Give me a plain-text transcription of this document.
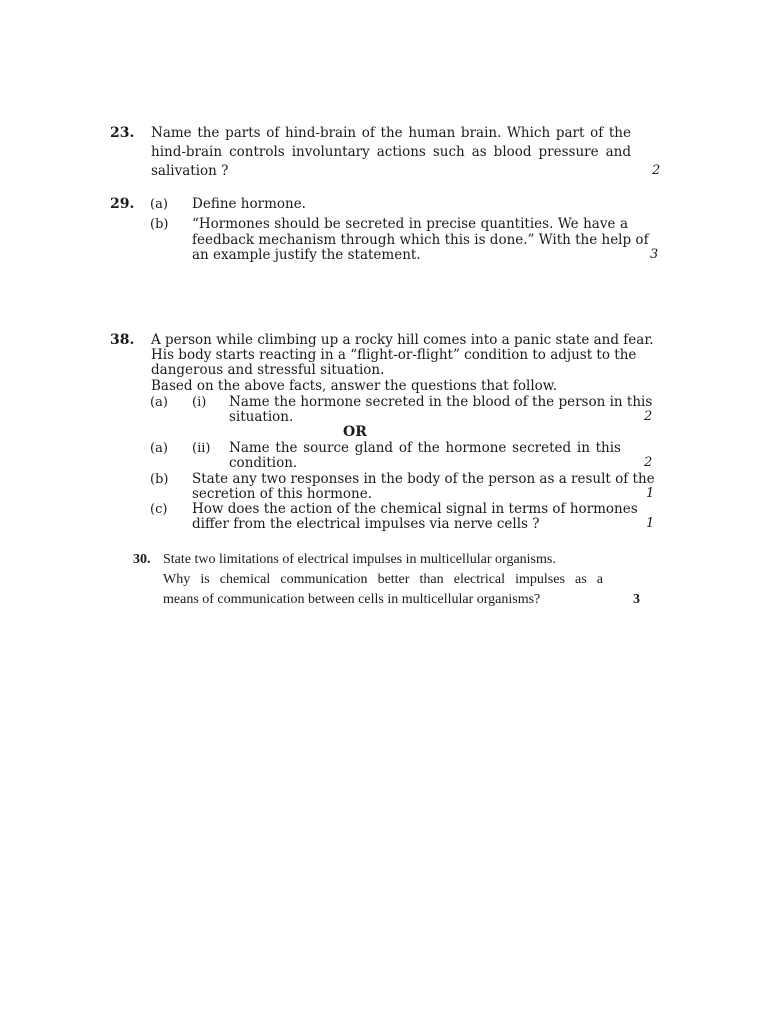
23. Name the parts of hind-brain of the human brain. Which part of the
hind-brain controls involuntary actions such as blood pressure and
salivation ?	2
29. (a) Define hormone.
(b) “Hormones should be secreted in precise quantities. We have a
feedback mechanism through which this is done.” With the help of
an example justify the statement.	3
38. A person while climbing up a rocky hill comes into a panic state and fear.
His body starts reacting in a “flight-or-flight” condition to adjust to the
dangerous and stressful situation.
Based on the above facts, answer the questions that follow.
(a) (i) Name the hormone secreted in the blood of the person in this
situation.	2
OR
(a) (ii) Name the source gland of the hormone secreted in this
condition.	2
(b) State any two responses in the body of the person as a result of the
secretion of this hormone.	1
(c) How does the action of the chemical signal in terms of hormones
differ from the electrical impulses via nerve cells ?	1
30. State two limitations of electrical impulses in multicellular organisms.
Why is chemical communication better than electrical impulses as a
means of communication between cells in multicellular organisms?	3
